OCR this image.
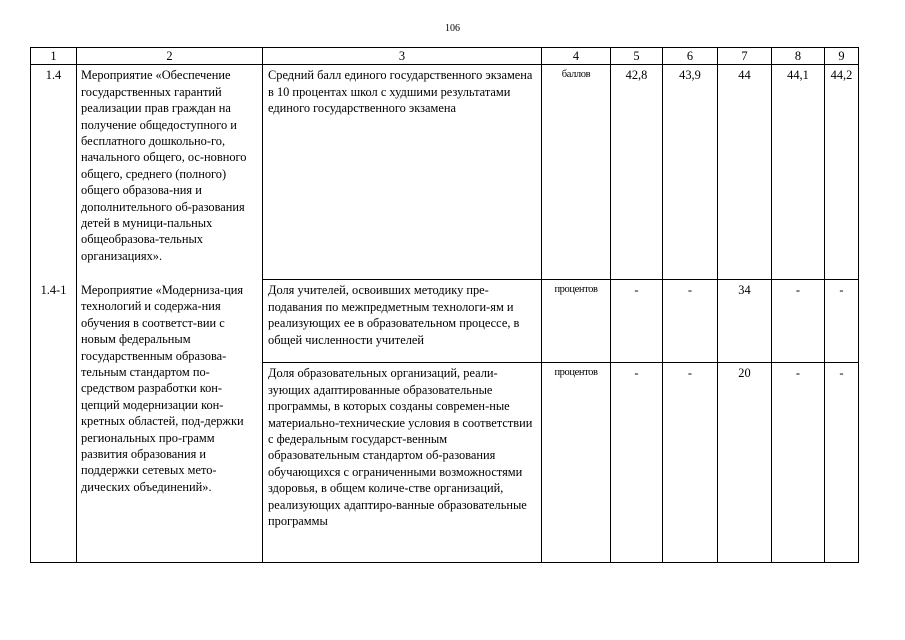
106
1	2	3	4	5	6	7	8	9
1.4	Мероприятие «Обеспечение государственных гарантий реализации прав граждан на получение общедоступного и бесплатного дошкольно-го, начального общего, ос-новного общего, среднего (полного) общего образова-ния и дополнительного об-разования детей в муници-пальных общеобразова-тельных организациях».	Средний балл единого государственного экзамена в 10 процентах школ с худшими результатами единого государственного экзамена	баллов	42,8	43,9	44	44,1	44,2
1.4-1	Мероприятие «Модерниза-ция технологий и содержа-ния обучения в соответст-вии с новым федеральным государственным образова-тельным стандартом по-средством разработки кон-цепций модернизации кон-кретных областей, под-держки региональных про-грамм развития образования и поддержки сетевых мето-дических объединений».	Доля учителей, освоивших методику пре-подавания по межпредметным технологи-ям и реализующих ее в образовательном процессе, в общей численности учителей	процентов	-	-	34	-	-
		Доля образовательных организаций, реали-зующих адаптированные образовательные программы, в которых созданы современ-ные материально-технические условия в соответствии с федеральным государст-венным образовательным стандартом об-разования обучающихся с ограниченными возможностями здоровья, в общем количе-стве организаций, реализующих адаптиро-ванные образовательные программы	процентов	-	-	20	-	-
